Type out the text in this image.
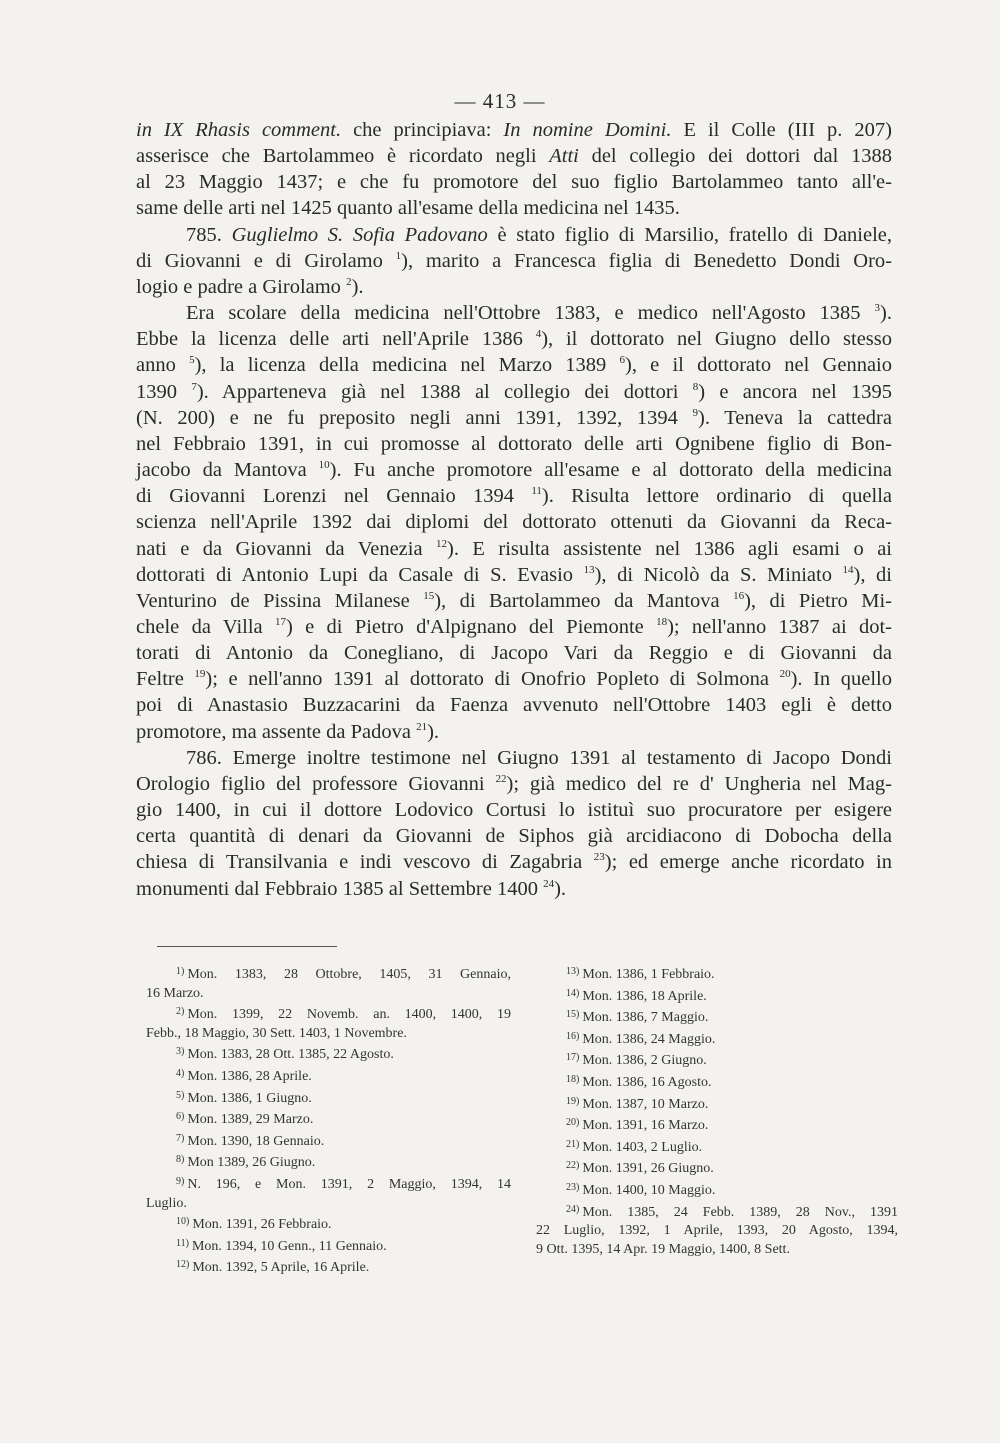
— 413 —
in IX Rhasis comment. che principiava: In nomine Domini. E il Colle (III p. 207)
asserisce che Bartolammeo è ricordato negli Atti del collegio dei dottori dal 1388
al 23 Maggio 1437; e che fu promotore del suo figlio Bartolammeo tanto all'e-
same delle arti nel 1425 quanto all'esame della medicina nel 1435.
785. Guglielmo S. Sofia Padovano è stato figlio di Marsilio, fratello di Daniele,
di Giovanni e di Girolamo $^1$), marito a Francesca figlia di Benedetto Dondi Oro-
logio e padre a Girolamo $^2$).
Era scolare della medicina nell'Ottobre 1383, e medico nell'Agosto 1385 $^3$).
Ebbe la licenza delle arti nell'Aprile 1386 $^4$), il dottorato nel Giugno dello stesso
anno $^5$), la licenza della medicina nel Marzo 1389 $^6$), e il dottorato nel Gennaio
1390 $^7$). Apparteneva già nel 1388 al collegio dei dottori $^8$) e ancora nel 1395
(N. 200) e ne fu preposito negli anni 1391, 1392, 1394 $^9$). Teneva la cattedra
nel Febbraio 1391, in cui promosse al dottorato delle arti Ognibene figlio di Bon-
jacobo da Mantova $^{10}$). Fu anche promotore all'esame e al dottorato della medicina
di Giovanni Lorenzi nel Gennaio 1394 $^{11}$). Risulta lettore ordinario di quella
scienza nell'Aprile 1392 dai diplomi del dottorato ottenuti da Giovanni da Reca-
nati e da Giovanni da Venezia $^{12}$). E risulta assistente nel 1386 agli esami o ai
dottorati di Antonio Lupi da Casale di S. Evasio $^{13}$), di Nicolò da S. Miniato $^{14}$), di
Venturino de Pissina Milanese $^{15}$), di Bartolammeo da Mantova $^{16}$), di Pietro Mi-
chele da Villa $^{17}$) e di Pietro d'Alpignano del Piemonte $^{18}$); nell'anno 1387 ai dot-
torati di Antonio da Conegliano, di Jacopo Vari da Reggio e di Giovanni da
Feltre $^{19}$); e nell'anno 1391 al dottorato di Onofrio Popleto di Solmona $^{20}$). In quello
poi di Anastasio Buzzacarini da Faenza avvenuto nell'Ottobre 1403 egli è detto
promotore, ma assente da Padova $^{21}$).
786. Emerge inoltre testimone nel Giugno 1391 al testamento di Jacopo Dondi
Orologio figlio del professore Giovanni $^{22}$); già medico del re d' Ungheria nel Mag-
gio 1400, in cui il dottore Lodovico Cortusi lo istituì suo procuratore per esigere
certa quantità di denari da Giovanni de Siphos già arcidiacono di Dobocha della
chiesa di Transilvania e indi vescovo di Zagabria $^{23}$); ed emerge anche ricordato in
monumenti dal Febbraio 1385 al Settembre 1400 $^{24}$).
$^{1)}$ Mon. 1383, 28 Ottobre, 1405, 31 Gennaio,
16 Marzo.
$^{2)}$ Mon. 1399, 22 Novemb. an. 1400, 1400, 19
Febb., 18 Maggio, 30 Sett. 1403, 1 Novembre.
$^{3)}$ Mon. 1383, 28 Ott. 1385, 22 Agosto.
$^{4)}$ Mon. 1386, 28 Aprile.
$^{5)}$ Mon. 1386, 1 Giugno.
$^{6)}$ Mon. 1389, 29 Marzo.
$^{7)}$ Mon. 1390, 18 Gennaio.
$^{8)}$ Mon 1389, 26 Giugno.
$^{9)}$ N. 196, e Mon. 1391, 2 Maggio, 1394, 14
Luglio.
$^{10)}$ Mon. 1391, 26 Febbraio.
$^{11)}$ Mon. 1394, 10 Genn., 11 Gennaio.
$^{12)}$ Mon. 1392, 5 Aprile, 16 Aprile.
$^{13)}$ Mon. 1386, 1 Febbraio.
$^{14)}$ Mon. 1386, 18 Aprile.
$^{15)}$ Mon. 1386, 7 Maggio.
$^{16)}$ Mon. 1386, 24 Maggio.
$^{17)}$ Mon. 1386, 2 Giugno.
$^{18)}$ Mon. 1386, 16 Agosto.
$^{19)}$ Mon. 1387, 10 Marzo.
$^{20)}$ Mon. 1391, 16 Marzo.
$^{21)}$ Mon. 1403, 2 Luglio.
$^{22)}$ Mon. 1391, 26 Giugno.
$^{23)}$ Mon. 1400, 10 Maggio.
$^{24)}$ Mon. 1385, 24 Febb. 1389, 28 Nov., 1391
22 Luglio, 1392, 1 Aprile, 1393, 20 Agosto, 1394,
9 Ott. 1395, 14 Apr. 19 Maggio, 1400, 8 Sett.
